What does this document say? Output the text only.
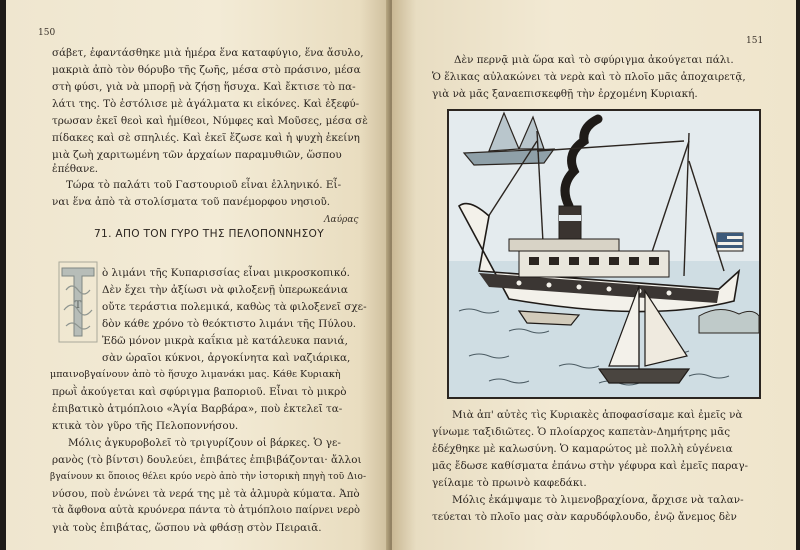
150
σάβετ, ἐφαντάσθηκε μιὰ ἡμέρα ἕνα καταφύγιο, ἕνα ἄσυλο,
μακριὰ ἀπὸ τὸν θόρυβο τῆς ζωῆς, μέσα στὸ πράσινο, μέσα
στὴ φύσι, γιὰ νὰ μπορῇ νὰ ζήσῃ ἥσυχα. Καὶ ἔκτισε τὸ πα-
λάτι της. Τὸ ἐστόλισε μὲ ἀγάλματα κι εἰκόνες. Καὶ ἐξεφύ-
τρωσαν ἐκεῖ θεοὶ καὶ ἡμίθεοι, Νύμφες καὶ Μοῦσες, μέσα σὲ
πίδακες καὶ σὲ σπηλιές. Καὶ ἐκεῖ ἔζωσε καὶ ἡ ψυχὴ ἐκείνη
μιὰ ζωὴ χαριτωμένη τῶν ἀρχαίων παραμυθιῶν, ὥσπου
ἐπέθανε.
Τώρα τὸ παλάτι τοῦ Γαστουριοῦ εἶναι ἑλληνικό. Εἶ-
ναι ἕνα ἀπὸ τὰ στολίσματα τοῦ πανέμορφου νησιοῦ.
Λαύρας
71. ΑΠΟ ΤΟΝ ΓΥΡΟ ΤΗΣ ΠΕΛΟΠΟΝΝΗΣΟΥ
Τ
ὸ λιμάνι τῆς Κυπαρισσίας εἶναι μικροσκοπικό.
Δὲν ἔχει τὴν ἀξίωσι νὰ φιλοξενῇ ὑπερωκεάνια
οὔτε τεράστια πολεμικά, καθὼς τὰ φιλοξενεῖ σχε-
δὸν κάθε χρόνο τὸ θεόκτιστο λιμάνι τῆς Πύλου.
Ἐδῶ μόνον μικρὰ καΐκια μὲ κατάλευκα πανιά,
σὰν ὡραῖοι κύκνοι, ἀργοκίνητα καὶ ναζιάρικα,
μπαινοβγαίνουν ἀπὸ τὸ ἥσυχο λιμανάκι μας. Κάθε Κυριακὴ
πρωῒ ἀκούγεται καὶ σφύριγμα βαποριοῦ. Εἶναι τὸ μικρὸ
ἐπιβατικὸ ἀτμόπλοιο «Ἁγία Βαρβάρα», ποὺ ἐκτελεῖ τα-
κτικὰ τὸν γῦρο τῆς Πελοποννήσου.
Μόλις ἀγκυροβολεῖ τὸ τριγυρίζουν οἱ βάρκες. Ὁ γε-
ρανὸς (τὸ βίντσι) δουλεύει, ἐπιβάτες ἐπιβιβάζονται· ἄλλοι
βγαίνουν κι ὅποιος θέλει κρύο νερὸ ἀπὸ τὴν ἱστορικὴ πηγὴ τοῦ Διο-
νύσου, ποὺ ἑνώνει τὰ νερά της μὲ τὰ ἁλμυρὰ κύματα. Ἀπὸ
τὰ ἄφθονα αὐτὰ κρυόνερα πάντα τὸ ἀτμόπλοιο παίρνει νερὸ
γιὰ τοὺς ἐπιβάτας, ὥσπου νὰ φθάσῃ στὸν Πειραιᾶ.
151
Δὲν περνᾷ μιὰ ὥρα καὶ τὸ σφύριγμα ἀκούγεται πάλι.
Ὁ ἕλικας αὐλακώνει τὰ νερὰ καὶ τὸ πλοῖο μᾶς ἀποχαιρετᾷ,
γιὰ νὰ μᾶς ξαναεπισκεφθῇ τὴν ἐρχομένη Κυριακή.
Μιὰ ἀπ' αὐτὲς τὶς Κυριακὲς ἀποφασίσαμε καὶ ἐμεῖς νὰ
γίνωμε ταξιδιῶτες. Ὁ πλοίαρχος καπετὰν-Δημήτρης μᾶς
ἐδέχθηκε μὲ καλωσύνη. Ὁ καμαρώτος μὲ πολλὴ εὐγένεια
μᾶς ἔδωσε καθίσματα ἐπάνω στὴν γέφυρα καὶ ἐμεῖς παραγ-
γείλαμε τὸ πρωινὸ καφεδάκι.
Μόλις ἐκάμψαμε τὸ λιμενοβραχίονα, ἄρχισε νὰ ταλαν-
τεύεται τὸ πλοῖο μας σὰν καρυδόφλουδο, ἐνῷ ἄνεμος δὲν
